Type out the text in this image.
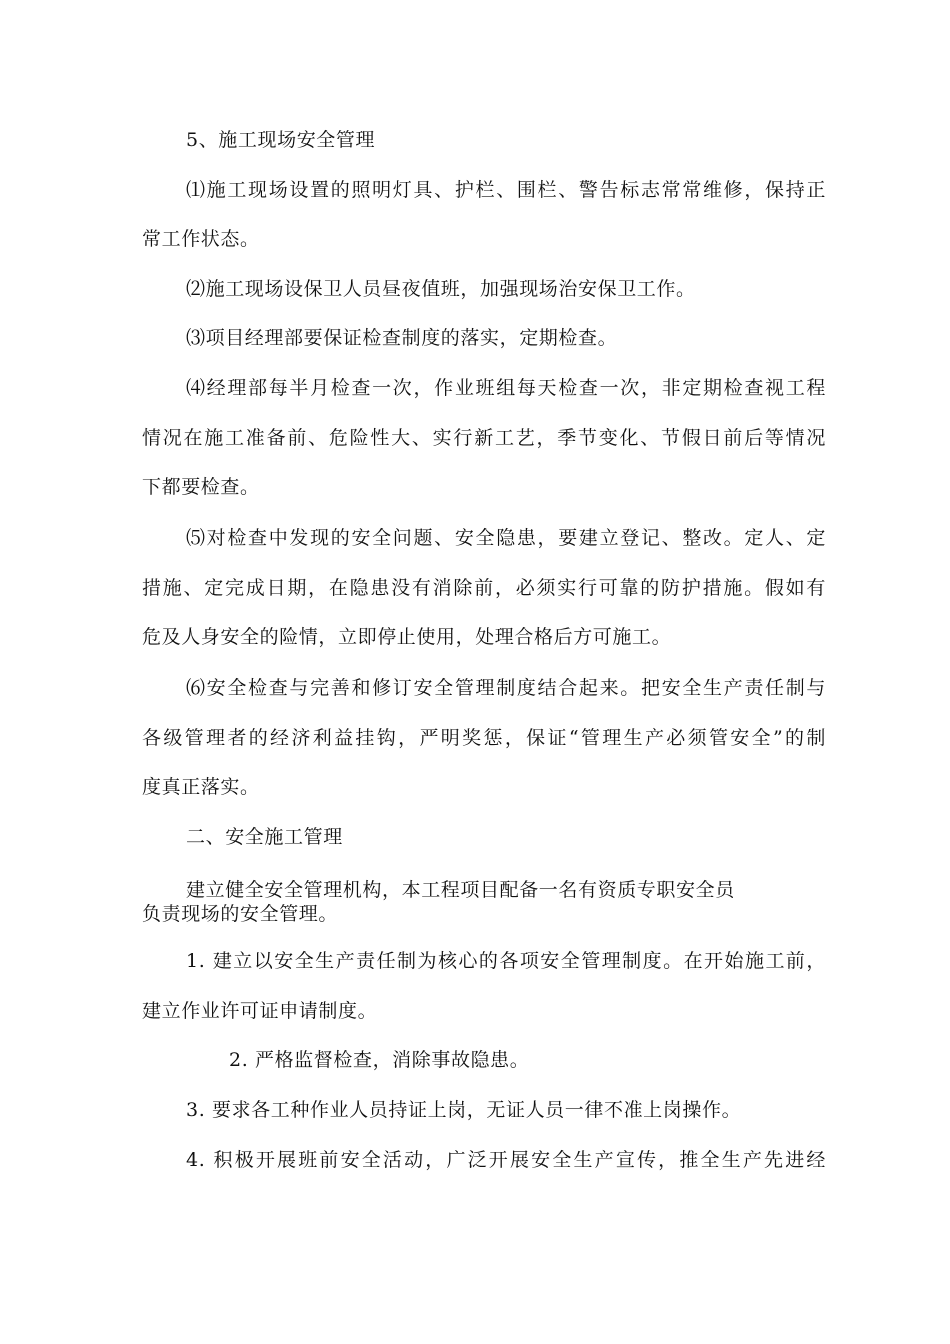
5、施工现场安全管理
⑴施工现场设置的照明灯具、护栏、围栏、警告标志常常维修，保持正
常工作状态。
⑵施工现场设保卫人员昼夜值班，加强现场治安保卫工作。
⑶项目经理部要保证检查制度的落实，定期检查。
⑷经理部每半月检查一次，作业班组每天检查一次，非定期检查视工程
情况在施工准备前、危险性大、实行新工艺，季节变化、节假日前后等情况
下都要检查。
⑸对检查中发现的安全问题、安全隐患，要建立登记、整改。定人、定
措施、定完成日期，在隐患没有消除前，必须实行可靠的防护措施。假如有
危及人身安全的险情，立即停止使用，处理合格后方可施工。
⑹安全检查与完善和修订安全管理制度结合起来。把安全生产责任制与
各级管理者的经济利益挂钩，严明奖惩，保证“管理生产必须管安全”的制
度真正落实。
二、安全施工管理
建立健全安全管理机构，本工程项目配备一名有资质专职安全员
负责现场的安全管理。
1. 建立以安全生产责任制为核心的各项安全管理制度。在开始施工前，
建立作业许可证申请制度。
2. 严格监督检查，消除事故隐患。
3. 要求各工种作业人员持证上岗，无证人员一律不准上岗操作。
4. 积极开展班前安全活动，广泛开展安全生产宣传，推全生产先进经
